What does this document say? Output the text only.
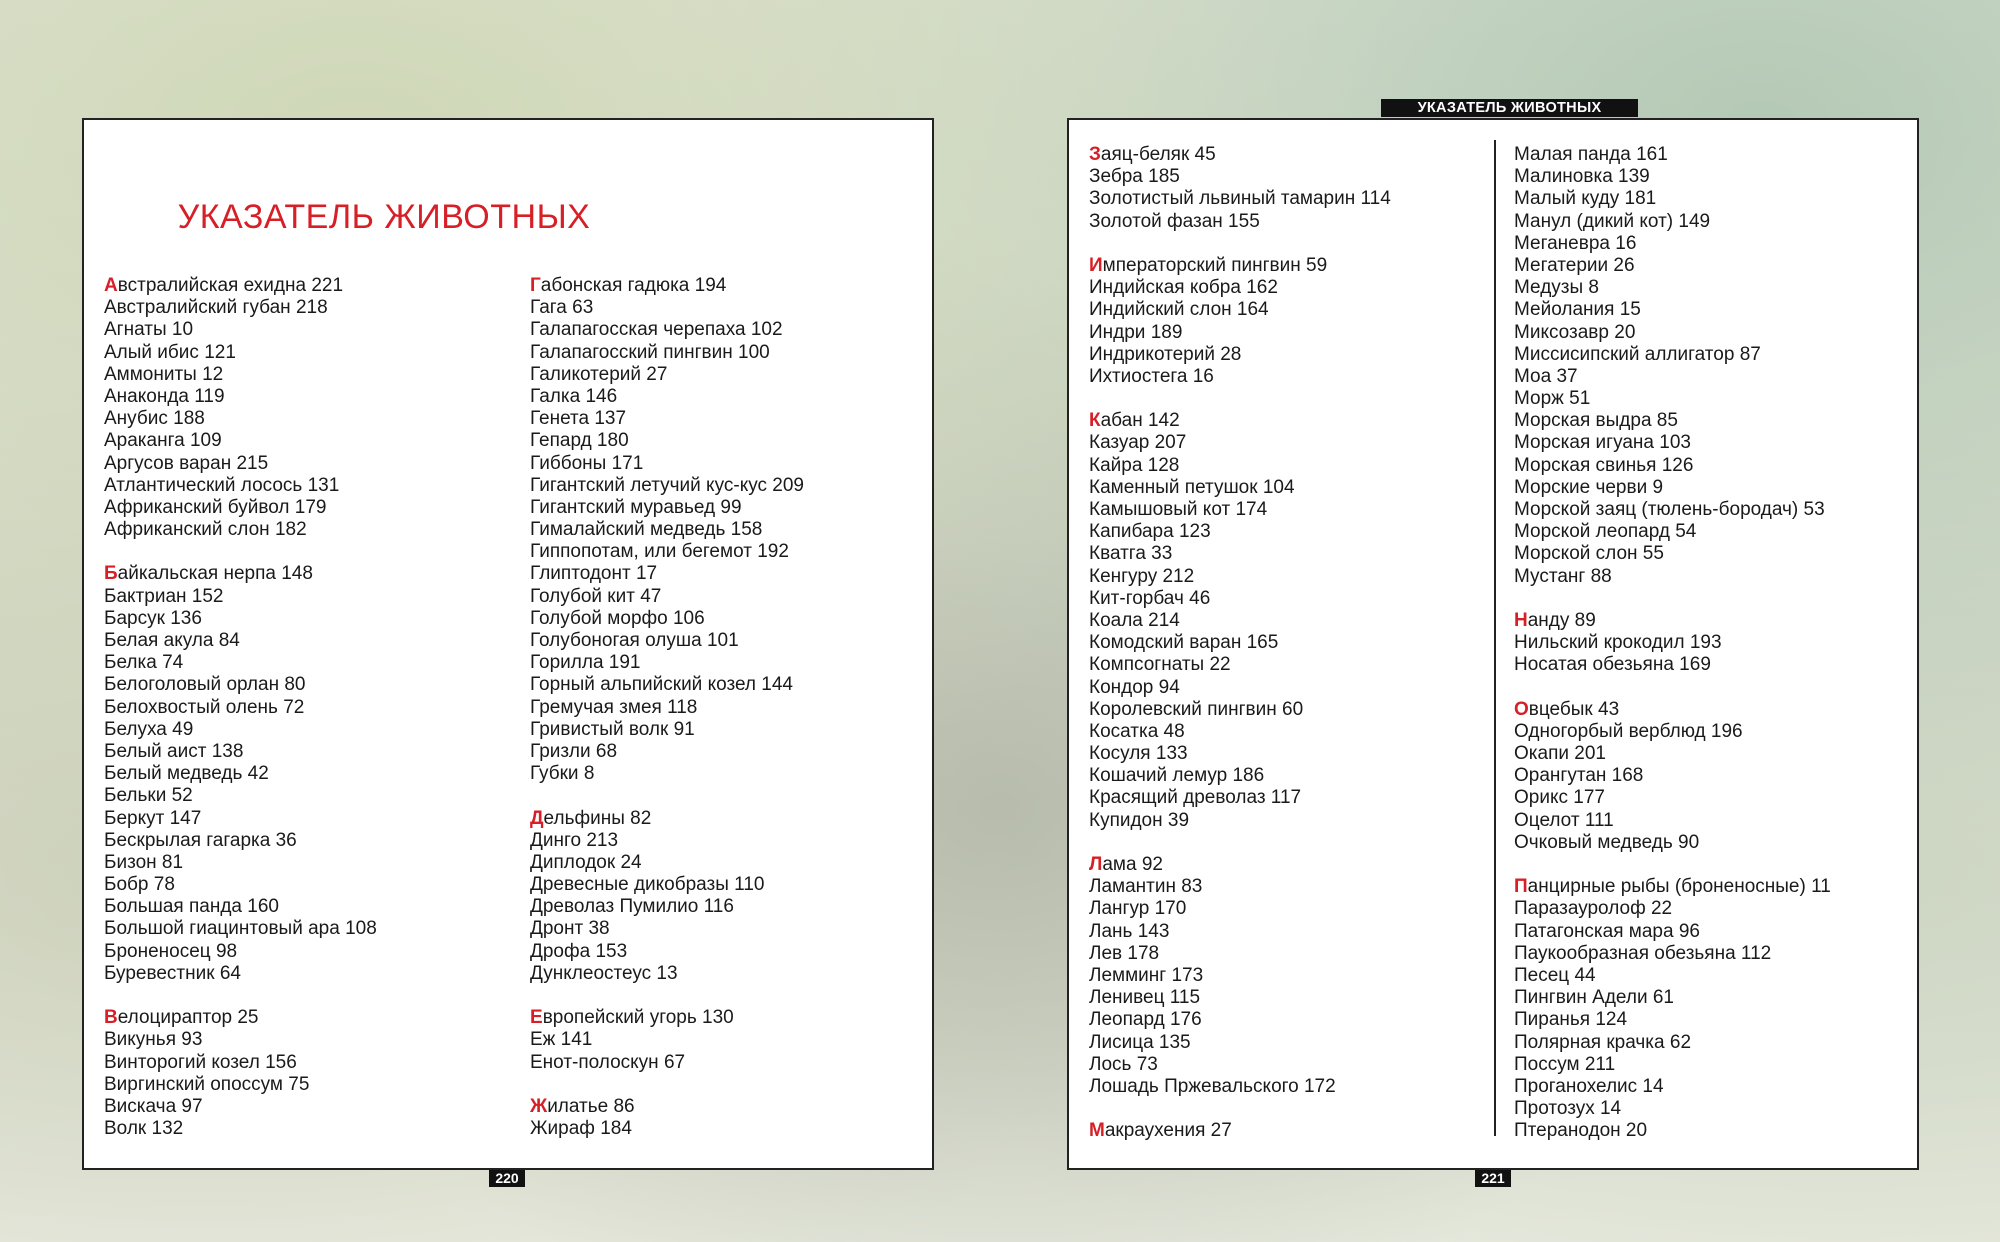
УКАЗАТЕЛЬ ЖИВОТНЫХ
УКАЗАТЕЛЬ ЖИВОТНЫХ
Австралийская ехидна 221
Австралийский губан 218
Агнаты 10
Алый ибис 121
Аммониты 12
Анаконда 119
Анубис 188
Араканга 109
Аргусов варан 215
Атлантический лосось 131
Африканский буйвол 179
Африканский слон 182
Байкальская нерпа 148
Бактриан 152
Барсук 136
Белая акула 84
Белка 74
Белоголовый орлан 80
Белохвостый олень 72
Белуха 49
Белый аист 138
Белый медведь 42
Бельки 52
Беркут 147
Бескрылая гагарка 36
Бизон 81
Бобр 78
Большая панда 160
Большой гиацинтовый ара 108
Броненосец 98
Буревестник 64
Велоцираптор 25
Викунья 93
Винторогий козел 156
Виргинский опоссум 75
Вискача 97
Волк 132
Габонская гадюка 194
Гага 63
Галапагосская черепаха 102
Галапагосский пингвин 100
Галикотерий 27
Галка 146
Генета 137
Гепард 180
Гиббоны 171
Гигантский летучий кус-кус 209
Гигантский муравьед 99
Гималайский медведь 158
Гиппопотам, или бегемот 192
Глиптодонт 17
Голубой кит 47
Голубой морфо 106
Голубоногая олуша 101
Горилла 191
Горный альпийский козел 144
Гремучая змея 118
Гривистый волк 91
Гризли 68
Губки 8
Дельфины 82
Динго 213
Диплодок 24
Древесные дикобразы 110
Древолаз Пумилио 116
Дронт 38
Дрофа 153
Дунклеостеус 13
Европейский угорь 130
Еж 141
Енот-полоскун 67
Жилатье 86
Жираф 184
Заяц-беляк 45
Зебра 185
Золотистый львиный тамарин 114
Золотой фазан 155
Императорский пингвин 59
Индийская кобра 162
Индийский слон 164
Индри 189
Индрикотерий 28
Ихтиостега 16
Кабан 142
Казуар 207
Кайра 128
Каменный петушок 104
Камышовый кот 174
Капибара 123
Кватга 33
Кенгуру 212
Кит-горбач 46
Коала 214
Комодский варан 165
Компсогнаты 22
Кондор 94
Королевский пингвин 60
Косатка 48
Косуля 133
Кошачий лемур 186
Красящий древолаз 117
Купидон 39
Лама 92
Ламантин 83
Лангур 170
Лань 143
Лев 178
Лемминг 173
Ленивец 115
Леопард 176
Лисица 135
Лось 73
Лошадь Пржевальского 172
Макраухения 27
Малая панда 161
Малиновка 139
Малый куду 181
Манул (дикий кот) 149
Меганевра 16
Мегатерии 26
Медузы 8
Мейолания 15
Миксозавр 20
Миссисипский аллигатор 87
Моа 37
Морж 51
Морская выдра 85
Морская игуана 103
Морская свинья 126
Морские черви 9
Морской заяц (тюлень-бородач) 53
Морской леопард 54
Морской слон 55
Мустанг 88
Нанду 89
Нильский крокодил 193
Носатая обезьяна 169
Овцебык 43
Одногорбый верблюд 196
Окапи 201
Орангутан 168
Орикс 177
Оцелот 111
Очковый медведь 90
Панцирные рыбы (броненосные) 11
Паразауролоф 22
Патагонская мара 96
Паукообразная обезьяна 112
Песец 44
Пингвин Адели 61
Пиранья 124
Полярная крачка 62
Поссум 211
Проганохелис 14
Протозух 14
Птеранодон 20
220	221
